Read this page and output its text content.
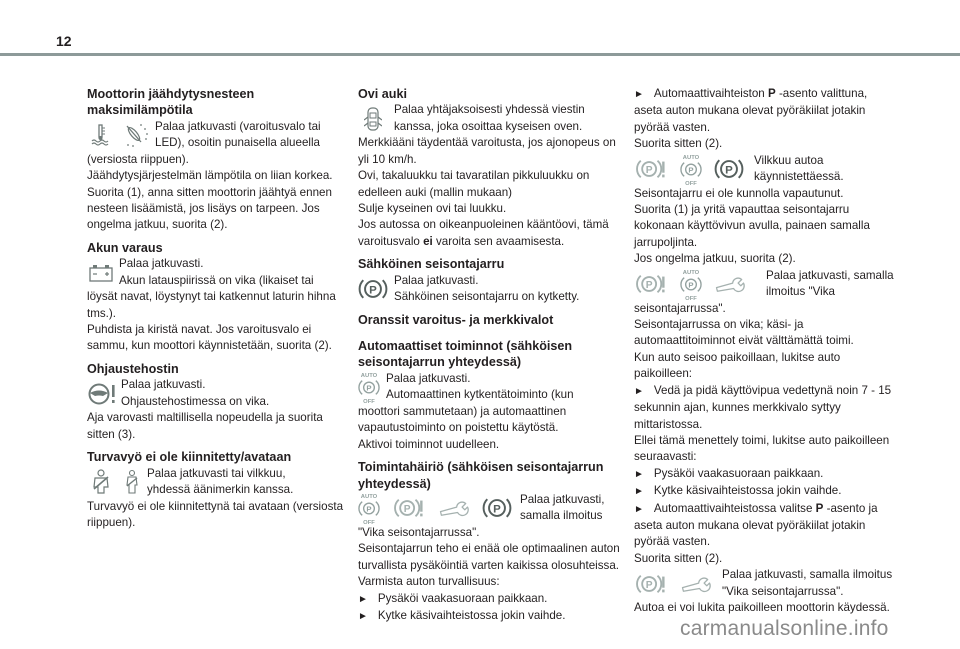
12
Moottorin jäähdytysnesteen maksimilämpötila

Palaa jatkuvasti (varoitusvalo tai

LED), osoitin punaisella alueella

(versiosta riippuen).

Jäähdytysjärjestelmän lämpötila on liian korkea.

Suorita (1), anna sitten moottorin jäähtyä ennen nesteen lisäämistä, jos lisäys on tarpeen. Jos ongelma jatkuu, suorita (2).

Akun varaus

Palaa jatkuvasti.

Akun latauspiirissä on vika (likaiset tai

löysät navat, löystynyt tai katkennut laturin hihna tms.).

Puhdista ja kiristä navat. Jos varoitusvalo ei sammu, kun moottori käynnistetään, suorita (2).

Ohjaustehostin

Palaa jatkuvasti.

Ohjaustehostimessa on vika.

Aja varovasti maltillisella nopeudella ja suorita sitten (3).

Turvavyö ei ole kiinnitetty/avataan

Palaa jatkuvasti tai vilkkuu,

yhdessä äänimerkin kanssa.

Turvavyö ei ole kiinnitettynä tai avataan (versiosta riippuen).

Ovi auki

Palaa yhtäjaksoisesti yhdessä viestin

kanssa, joka osoittaa kyseisen oven.

Merkkiääni täydentää varoitusta, jos ajonopeus on yli 10 km/h.

Ovi, takaluukku tai tavaratilan pikkuluukku on edelleen auki (mallin mukaan)

Sulje kyseinen ovi tai luukku.

Jos autossa on oikeanpuoleinen kääntöovi, tämä varoitusvalo ei varoita sen avaamisesta.

Sähköinen seisontajarru

Palaa jatkuvasti.

Sähköinen seisontajarru on kytketty.

Oranssit varoitus- ja merkkivalot
Automaattiset toiminnot (sähköisen seisontajarrun yhteydessä)

Palaa jatkuvasti.

Automaattinen kytkentätoiminto (kun

moottori sammutetaan) ja automaattinen vapautustoiminto on poistettu käytöstä.

Aktivoi toiminnot uudelleen.

Toimintahäiriö (sähköisen seisontajarrun yhteydessä)

Palaa jatkuvasti,

samalla ilmoitus

"Vika seisontajarrussa".

Seisontajarrun teho ei enää ole optimaalinen auton turvallista pysäköintiä varten kaikissa olosuhteissa.

Varmista auton turvallisuus:

► Pysäköi vaakasuoraan paikkaan.

► Kytke käsivaihteistossa jokin vaihde.

► Automaattivaihteiston P -asento valittuna, aseta auton mukana olevat pyöräkiilat jotakin pyörää vasten.

Suorita sitten (2).

Vilkkuu autoa

käynnistettäessä.

Seisontajarru ei ole kunnolla vapautunut.

Suorita (1) ja yritä vapauttaa seisontajarru kokonaan käyttövivun avulla, painaen samalla jarrupoljinta.

Jos ongelma jatkuu, suorita (2).

Palaa jatkuvasti, samalla

ilmoitus "Vika

seisontajarrussa".

Seisontajarrussa on vika; käsi- ja automaattitoiminnot eivät välttämättä toimi.

Kun auto seisoo paikoillaan, lukitse auto paikoilleen:

► Vedä ja pidä käyttövipua vedettynä noin 7 - 15 sekunnin ajan, kunnes merkkivalo syttyy mittaristossa.

Ellei tämä menettely toimi, lukitse auto paikoilleen seuraavasti:

► Pysäköi vaakasuoraan paikkaan.

► Kytke käsivaihteistossa jokin vaihde.

► Automaattivaihteistossa valitse P -asento ja aseta auton mukana olevat pyöräkiilat jotakin pyörää vasten.

Suorita sitten (2).

Palaa jatkuvasti, samalla ilmoitus

"Vika seisontajarrussa".

Autoa ei voi lukita paikoilleen moottorin käydessä.

carmanualsonline.info
